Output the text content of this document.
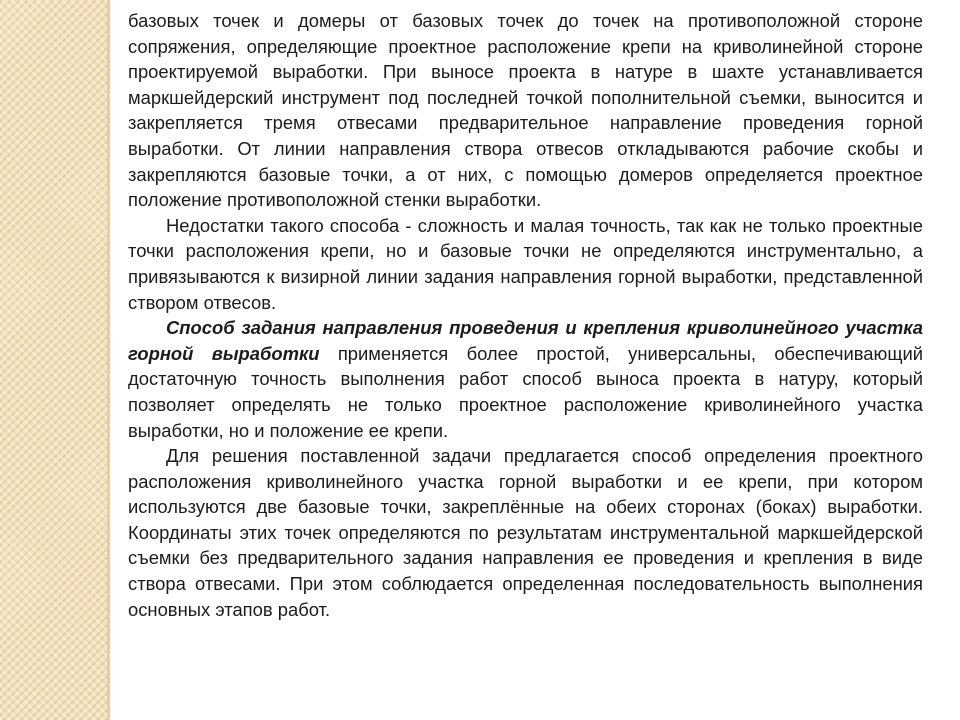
базовых точек и домеры от базовых точек до точек на противоположной стороне сопряжения, определяющие проектное расположение крепи на криволинейной стороне проектируемой выработки. При выносе проекта в натуре в шахте устанавливается маркшейдерский инструмент под последней точкой пополнительной съемки, выносится и закрепляется тремя отвесами предварительное направление проведения горной выработки. От линии направления створа отвесов откладываются рабочие скобы и закрепляются базовые точки, а от них, с помощью домеров определяется проектное положение противоположной стенки выработки.

Недостатки такого способа - сложность и малая точность, так как не только проектные точки расположения крепи, но и базовые точки не определяются инструментально, а привязываются к визирной линии задания направления горной выработки, представленной створом отвесов.

Способ задания направления проведения и крепления криволинейного участка горной выработки применяется более простой, универсальны, обеспечивающий достаточную точность выполнения работ способ выноса проекта в натуру, который позволяет определять не только проектное расположение криволинейного участка выработки, но и положение ее крепи.

Для решения поставленной задачи предлагается способ определения проектного расположения криволинейного участка горной выработки и ее крепи, при котором используются две базовые точки, закреплённые на обеих сторонах (боках) выработки. Координаты этих точек определяются по результатам инструментальной маркшейдерской съемки без предварительного задания направления ее проведения и крепления в виде створа отвесами. При этом соблюдается определенная последовательность выполнения основных этапов работ.
